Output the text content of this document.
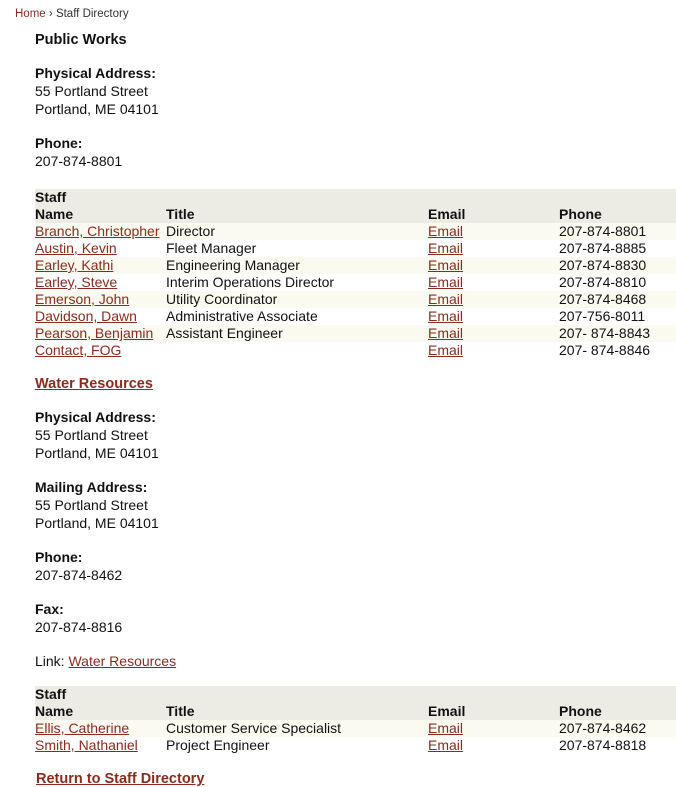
Home › Staff Directory

Public Works

Physical Address:
55 Portland Street
Portland, ME 04101
Phone:
207-874-8801
Staff			
Name	Title	Email	Phone
Branch, Christopher	Director	Email	207-874-8801
Austin, Kevin	Fleet Manager	Email	207-874-8885
Earley, Kathi	Engineering Manager	Email	207-874-8830
Earley, Steve	Interim Operations Director	Email	207-874-8810
Emerson, John	Utility Coordinator	Email	207-874-8468
Davidson, Dawn	Administrative Associate	Email	207-756-8011
Pearson, Benjamin	Assistant Engineer	Email	207- 874-8843
Contact, FOG		Email	207- 874-8846
Water Resources
Physical Address:
55 Portland Street
Portland, ME 04101
Mailing Address:
55 Portland Street
Portland, ME 04101
Phone:
207-874-8462
Fax:
207-874-8816
Link: Water Resources
Staff			
Name	Title	Email	Phone
Ellis, Catherine	Customer Service Specialist	Email	207-874-8462
Smith, Nathaniel	Project Engineer	Email	207-874-8818
Return to Staff Directory
